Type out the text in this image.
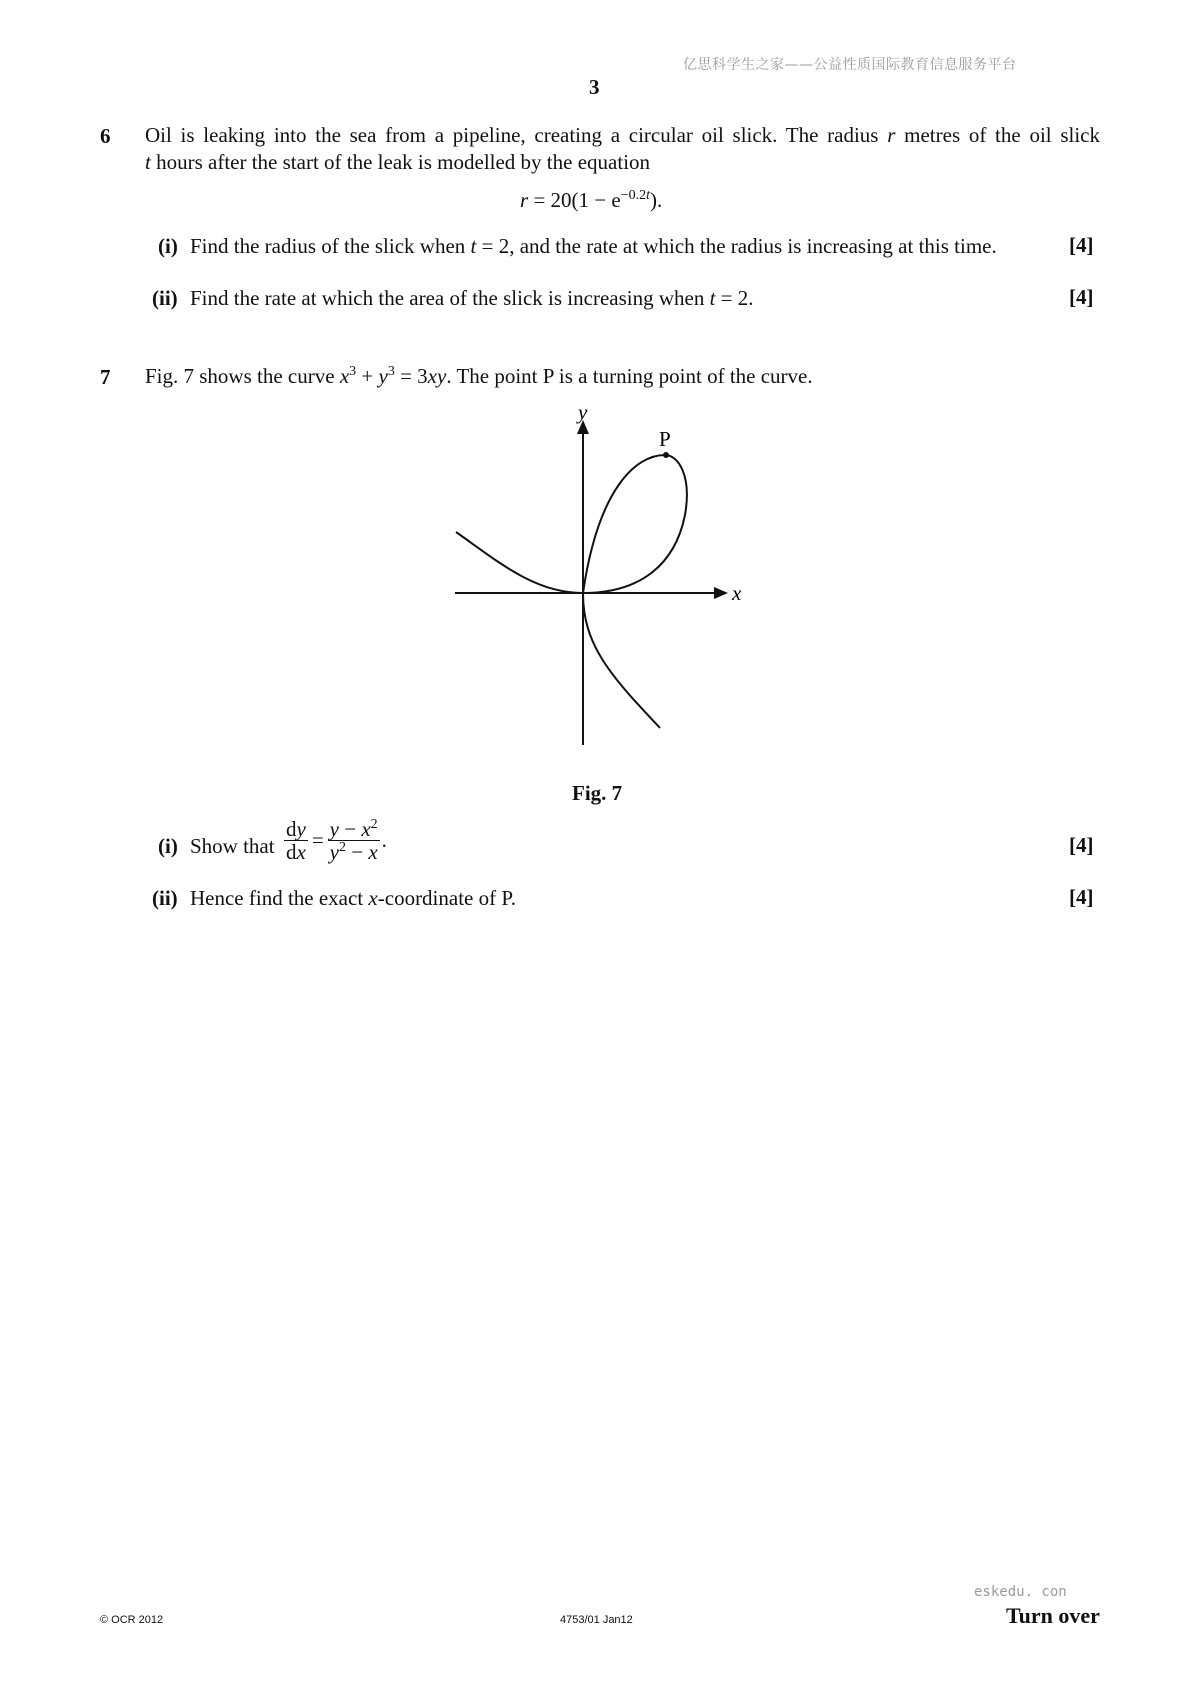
亿思科学生之家——公益性质国际教育信息服务平台
3
6 Oil is leaking into the sea from a pipeline, creating a circular oil slick. The radius r metres of the oil slick
t hours after the start of the leak is modelled by the equation
$r = 20(1 - e^{-0.2t})$.
(i) Find the radius of the slick when t = 2, and the rate at which the radius is increasing at this time.	[4]
(ii) Find the rate at which the area of the slick is increasing when t = 2.	[4]
7 Fig. 7 shows the curve $x^3 + y^3 = 3xy$. The point P is a turning point of the curve.
y
x
P
Fig. 7
(i) Show that $\frac{dy}{dx} = \frac{y - x^2}{y^2 - x}$ .	[4]
(ii) Hence find the exact x-coordinate of P.	[4]
eskedu. con
© OCR 2012	4753/01 Jan12	Turn over
